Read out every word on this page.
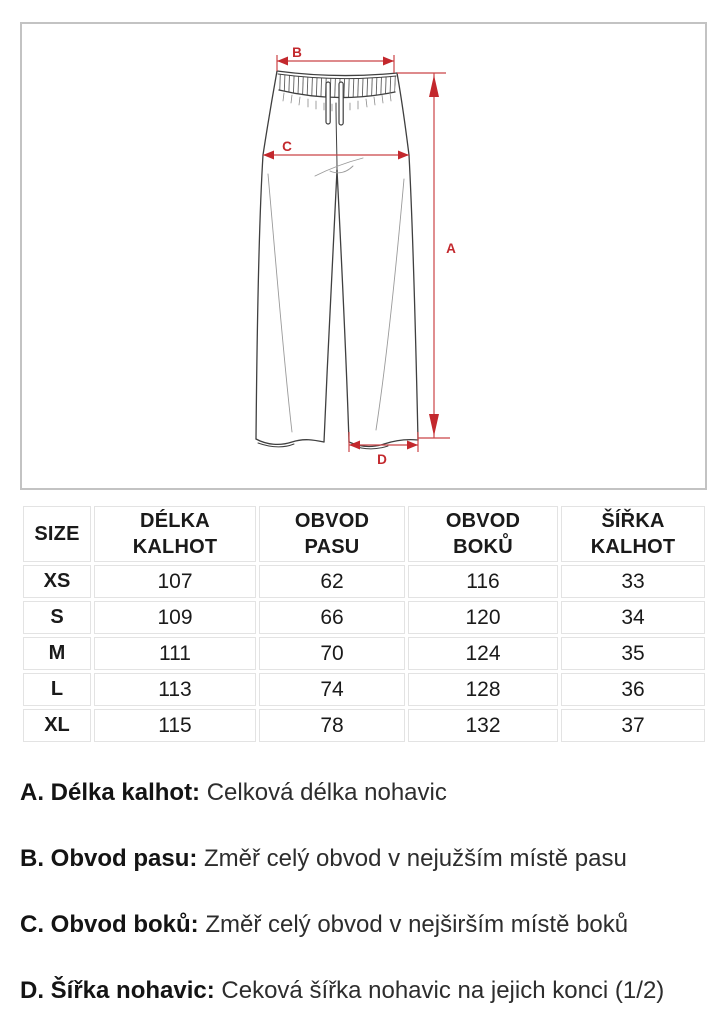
B
C
A
D
SIZE	DÉLKA KALHOT	OBVOD PASU	OBVOD BOKŮ	ŠÍŘKA KALHOT
XS	107	62	116	33
S	109	66	120	34
M	111	70	124	35
L	113	74	128	36
XL	115	78	132	37

A. Délka kalhot: Celková délka nohavic

B. Obvod pasu: Změř celý obvod v nejužším místě pasu

C. Obvod boků: Změř celý obvod v nejširším místě boků

D. Šířka nohavic: Ceková šířka nohavic na jejich konci (1/2)
